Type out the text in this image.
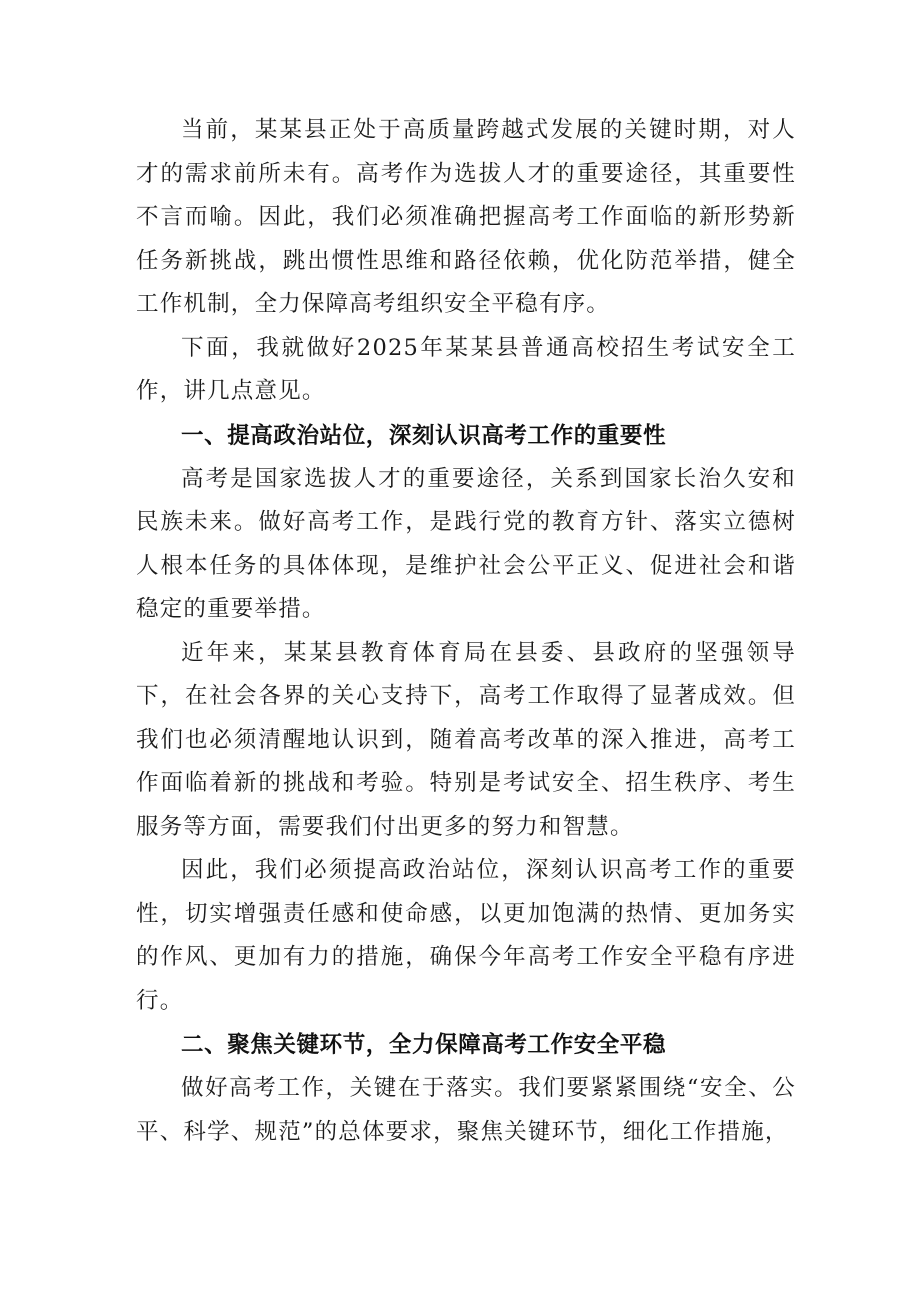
当前，某某县正处于高质量跨越式发展的关键时期，对人才的需求前所未有。高考作为选拔人才的重要途径，其重要性不言而喻。因此，我们必须准确把握高考工作面临的新形势新任务新挑战，跳出惯性思维和路径依赖，优化防范举措，健全工作机制，全力保障高考组织安全平稳有序。

下面，我就做好2025年某某县普通高校招生考试安全工作，讲几点意见。

一、提高政治站位，深刻认识高考工作的重要性

高考是国家选拔人才的重要途径，关系到国家长治久安和民族未来。做好高考工作，是践行党的教育方针、落实立德树人根本任务的具体体现，是维护社会公平正义、促进社会和谐稳定的重要举措。

近年来，某某县教育体育局在县委、县政府的坚强领导下，在社会各界的关心支持下，高考工作取得了显著成效。但我们也必须清醒地认识到，随着高考改革的深入推进，高考工作面临着新的挑战和考验。特别是考试安全、招生秩序、考生服务等方面，需要我们付出更多的努力和智慧。

因此，我们必须提高政治站位，深刻认识高考工作的重要性，切实增强责任感和使命感，以更加饱满的热情、更加务实的作风、更加有力的措施，确保今年高考工作安全平稳有序进行。

二、聚焦关键环节，全力保障高考工作安全平稳

做好高考工作，关键在于落实。我们要紧紧围绕“安全、公平、科学、规范”的总体要求，聚焦关键环节，细化工作措施，
